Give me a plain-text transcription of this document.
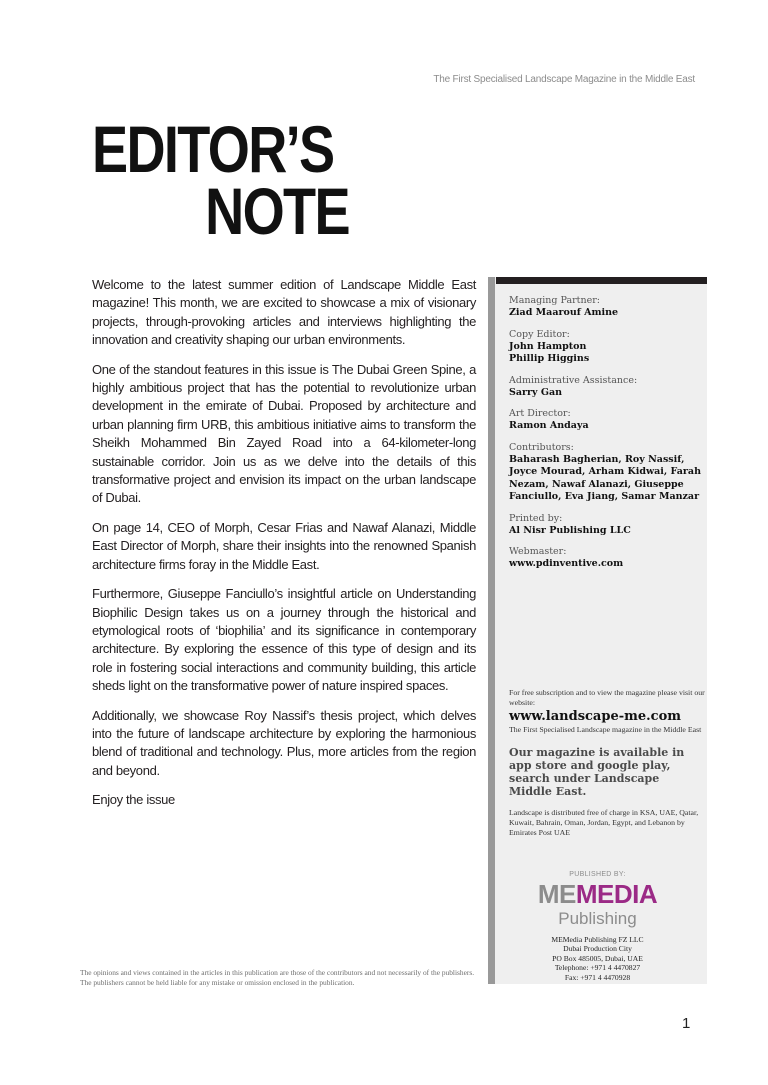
The First Specialised Landscape Magazine in the Middle East
EDITOR’S
NOTE

Welcome to the latest summer edition of Landscape Middle East magazine! This month, we are excited to showcase a mix of visionary projects, through-provoking articles and interviews highlighting the innovation and creativity shaping our urban environments.

One of the standout features in this issue is The Dubai Green Spine, a highly ambitious project that has the potential to revolutionize urban development in the emirate of Dubai. Proposed by architecture and urban planning firm URB, this ambitious initiative aims to transform the Sheikh Mohammed Bin Zayed Road into a 64-kilometer-long sustainable corridor. Join us as we delve into the details of this transformative project and envision its impact on the urban landscape of Dubai.

On page 14, CEO of Morph, Cesar Frias and Nawaf Alanazi, Middle East Director of Morph, share their insights into the renowned Spanish architecture firms foray in the Middle East.

Furthermore, Giuseppe Fanciullo’s insightful article on Understanding Biophilic Design takes us on a journey through the historical and etymological roots of ‘biophilia’ and its significance in contemporary architecture. By exploring the essence of this type of design and its role in fostering social interactions and community building, this article sheds light on the transformative power of nature inspired spaces.

Additionally, we showcase Roy Nassif’s thesis project, which delves into the future of landscape architecture by exploring the harmonious blend of traditional and technology. Plus, more articles from the region and beyond.

Enjoy the issue

The opinions and views contained in the articles in this publication are those of the contributors and not necessarily of the publishers. The publishers cannot be held liable for any mistake or omission enclosed in the publication.
Managing Partner:
Ziad Maarouf Amine
Copy Editor:
John Hampton
Phillip Higgins
Administrative Assistance:
Sarry Gan
Art Director:
Ramon Andaya
Contributors:
Baharash Bagherian, Roy Nassif, Joyce Mourad, Arham Kidwai, Farah Nezam, Nawaf Alanazi, Giuseppe Fanciullo, Eva Jiang, Samar Manzar
Printed by:
Al Nisr Publishing LLC
Webmaster:
www.pdinventive.com
For free subscription and to view the magazine please visit our website:
www.landscape-me.com
The First Specialised Landscape magazine in the Middle East
Our magazine is available in app store and google play, search under Landscape Middle East.
Landscape is distributed free of charge in KSA, UAE, Qatar, Kuwait, Bahrain, Oman, Jordan, Egypt, and Lebanon by Emirates Post UAE
PUBLISHED BY:
MEMEDIA
Publishing
MEMedia Publishing FZ LLC
Dubai Production City
PO Box 485005, Dubai, UAE
Telephone: +971 4 4470827
Fax: +971 4 4470928
1
